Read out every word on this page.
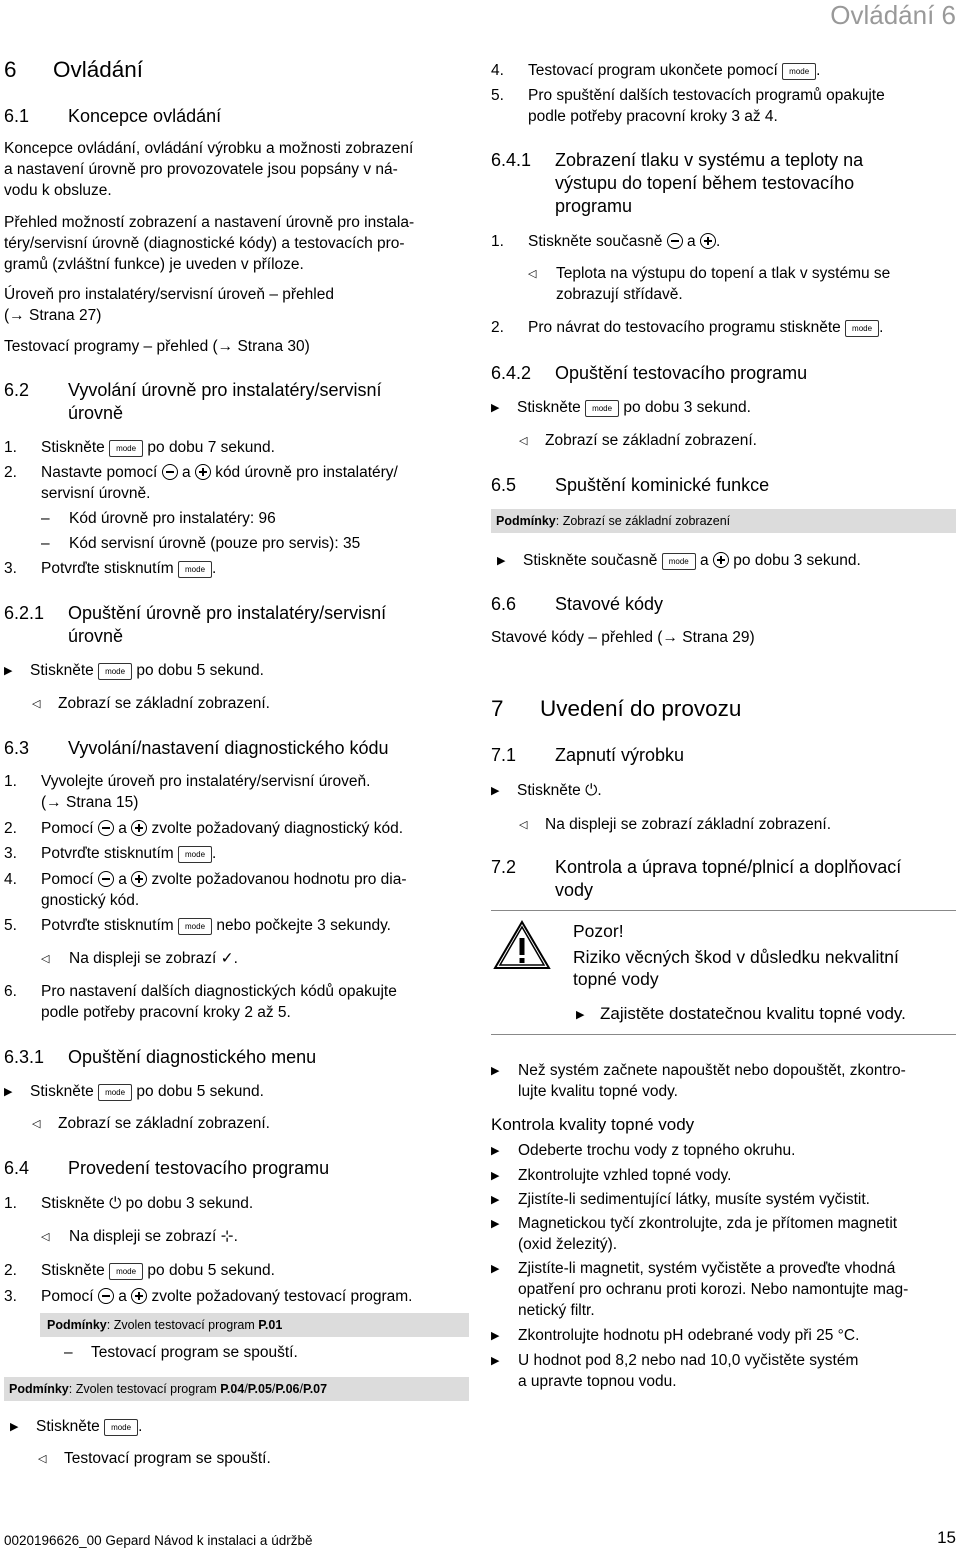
Ovládání 6
6 Ovládání
6.1 Koncepce ovládání
Koncepce ovládání, ovládání výrobku a možnosti zobrazení
a nastavení úrovně pro provozovatele jsou popsány v ná-
vodu k obsluze.
Přehled možností zobrazení a nastavení úrovně pro instala-
téry/servisní úrovně (diagnostické kódy) a testovacích pro-
gramů (zvláštní funkce) je uveden v příloze.
Úroveň pro instalatéry/servisní úroveň – přehled
(→ Strana 27)
Testovací programy – přehled (→ Strana 30)
6.2 Vyvolání úrovně pro instalatéry/servisní
úrovně
1. Stiskněte mode po dobu 7 sekund.
2. Nastavte pomocí a kód úrovně pro instalatéry/
servisní úrovně.
– Kód úrovně pro instalatéry: 96
– Kód servisní úrovně (pouze pro servis): 35
3. Potvrďte stisknutím mode .
6.2.1 Opuštění úrovně pro instalatéry/servisní
úrovně
▶ Stiskněte mode po dobu 5 sekund.
◁ Zobrazí se základní zobrazení.
6.3 Vyvolání/nastavení diagnostického kódu
1. Vyvolejte úroveň pro instalatéry/servisní úroveň.
(→ Strana 15)
2. Pomocí a zvolte požadovaný diagnostický kód.
3. Potvrďte stisknutím mode .
4. Pomocí a zvolte požadovanou hodnotu pro dia-
gnostický kód.
5. Potvrďte stisknutím mode nebo počkejte 3 sekundy.
◁ Na displeji se zobrazí ✓.
6. Pro nastavení dalších diagnostických kódů opakujte
podle potřeby pracovní kroky 2 až 5.
6.3.1 Opuštění diagnostického menu
▶ Stiskněte mode po dobu 5 sekund.
◁ Zobrazí se základní zobrazení.
6.4 Provedení testovacího programu
1. Stiskněte ⏻ po dobu 3 sekund.
◁ Na displeji se zobrazí ⊹.
2. Stiskněte mode po dobu 5 sekund.
3. Pomocí a zvolte požadovaný testovací program.
Podmínky: Zvolen testovací program P.01
– Testovací program se spouští.
Podmínky: Zvolen testovací program P.04/P.05/P.06/P.07
▶ Stiskněte mode .
◁ Testovací program se spouští.
4. Testovací program ukončete pomocí mode .
5. Pro spuštění dalších testovacích programů opakujte
podle potřeby pracovní kroky 3 až 4.
6.4.1 Zobrazení tlaku v systému a teploty na
výstupu do topení během testovacího
programu
1. Stiskněte současně a .
◁ Teplota na výstupu do topení a tlak v systému se
zobrazují střídavě.
2. Pro návrat do testovacího programu stiskněte mode .
6.4.2 Opuštění testovacího programu
▶ Stiskněte mode po dobu 3 sekund.
◁ Zobrazí se základní zobrazení.
6.5 Spuštění kominické funkce
Podmínky: Zobrazí se základní zobrazení
▶ Stiskněte současně mode a po dobu 3 sekund.
6.6 Stavové kódy
Stavové kódy – přehled (→ Strana 29)
7 Uvedení do provozu
7.1 Zapnutí výrobku
▶ Stiskněte ⏻.
◁ Na displeji se zobrazí základní zobrazení.
7.2 Kontrola a úprava topné/plnicí a doplňovací
vody
Pozor!
Riziko věcných škod v důsledku nekvalitní
topné vody
▶ Zajistěte dostatečnou kvalitu topné vody.
▶ Než systém začnete napouštět nebo dopouštět, zkontro-
lujte kvalitu topné vody.
Kontrola kvality topné vody
▶ Odeberte trochu vody z topného okruhu.
▶ Zkontrolujte vzhled topné vody.
▶ Zjistíte-li sedimentující látky, musíte systém vyčistit.
▶ Magnetickou tyčí zkontrolujte, zda je přítomen magnetit
(oxid železitý).
▶ Zjistíte-li magnetit, systém vyčistěte a proveďte vhodná
opatření pro ochranu proti korozi. Nebo namontujte mag-
netický filtr.
▶ Zkontrolujte hodnotu pH odebrané vody při 25 °C.
▶ U hodnot pod 8,2 nebo nad 10,0 vyčistěte systém
a upravte topnou vodu.
0020196626_00 Gepard Návod k instalaci a údržbě	15
